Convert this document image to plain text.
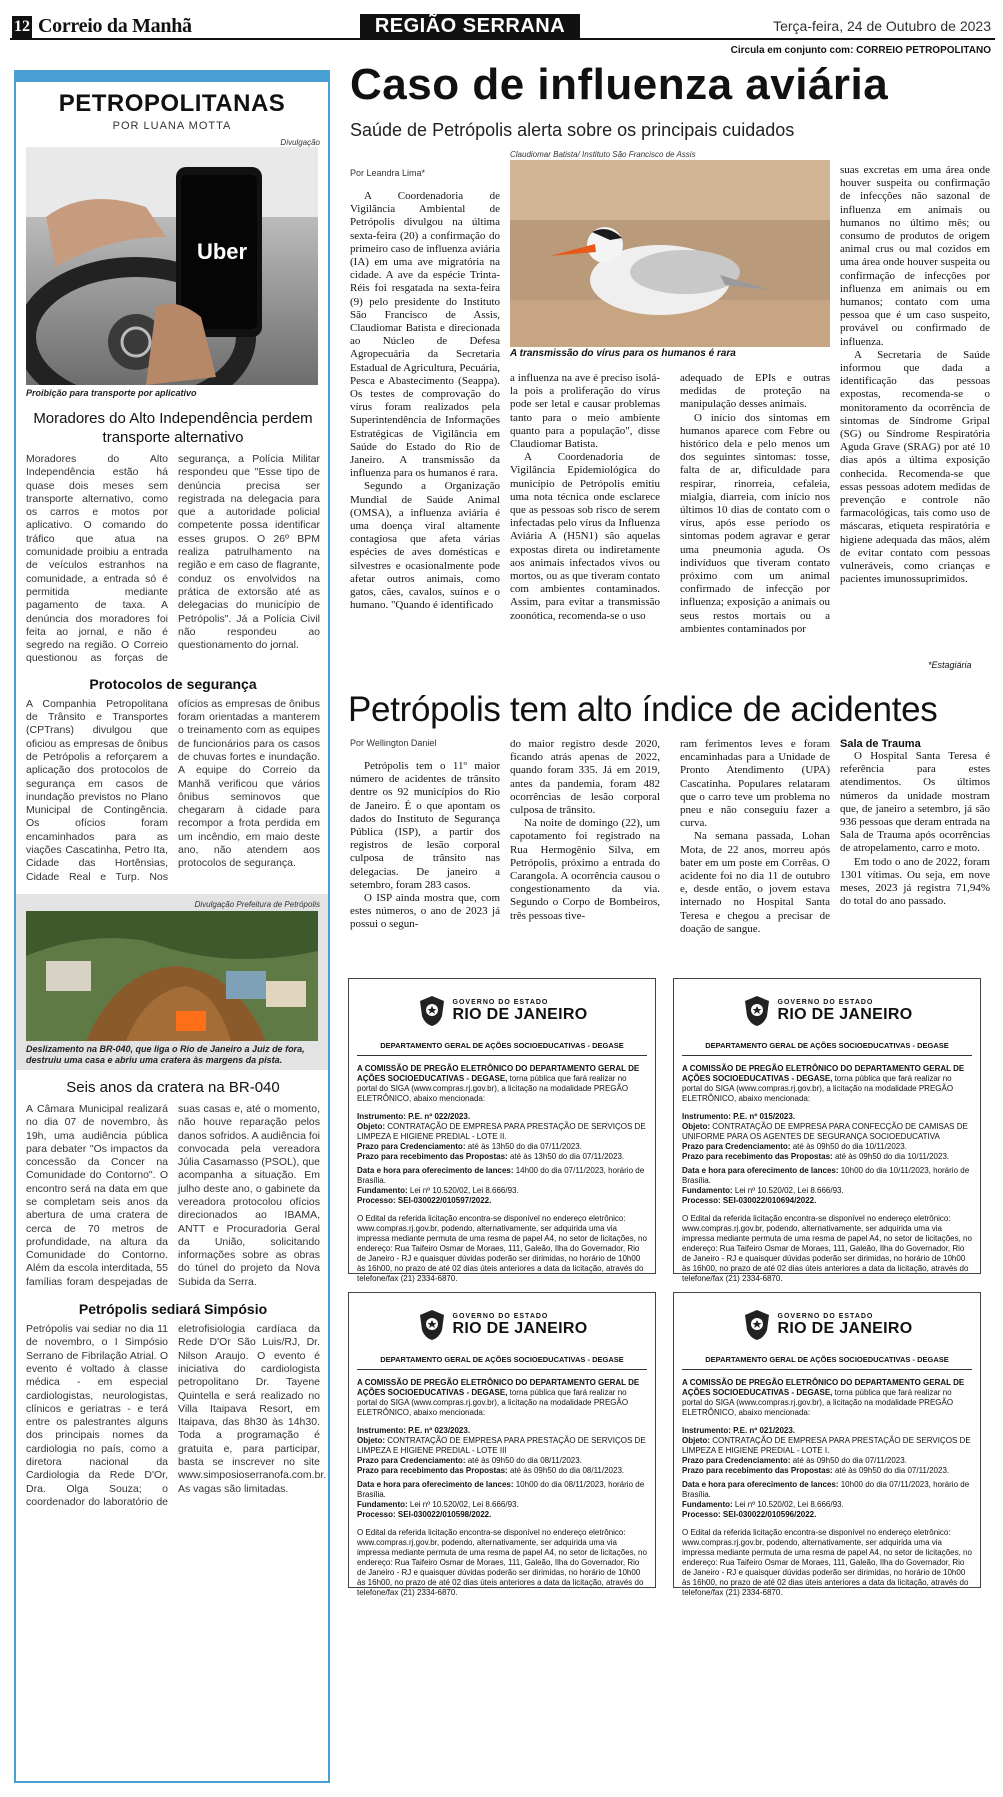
12 Correio da Manhã	REGIÃO SERRANA	Terça-feira, 24 de Outubro de 2023
Circula em conjunto com: CORREIO PETROPOLITANO
PETROPOLITANAS
POR LUANA MOTTA
Divulgação
Uber
Proibição para transporte por aplicativo
Moradores do Alto Independência perdem transporte alternativo

Moradores do Alto Independência estão há quase dois meses sem transporte alternativo, como os carros e motos por aplicativo. O comando do tráfico que atua na comunidade proibiu a entrada de veículos estranhos na comunidade, a entrada só é permitida mediante pagamento de taxa. A denúncia dos moradores foi feita ao jornal, e não é segredo na região. O Correio questionou as forças de segurança, a Polícia Militar respondeu que "Esse tipo de denúncia precisa ser registrada na delegacia para que a autoridade policial competente possa identificar esses grupos. O 26º BPM realiza patrulhamento na região e em caso de flagrante, conduz os envolvidos na prática de extorsão até as delegacias do município de Petrópolis". Já a Polícia Civil não respondeu ao questionamento do jornal.

Protocolos de segurança

A Companhia Petropolitana de Trânsito e Transportes (CPTrans) divulgou que oficiou as empresas de ônibus de Petrópolis a reforçarem a aplicação dos protocolos de segurança em casos de inundação previstos no Plano Municipal de Contingência. Os ofícios foram encaminhados para as viações Cascatinha, Petro Ita, Cidade das Hortênsias, Cidade Real e Turp. Nos ofícios as empresas de ônibus foram orientadas a manterem o treinamento com as equipes de funcionários para os casos de chuvas fortes e inundação. A equipe do Correio da Manhã verificou que vários ônibus seminovos que chegaram à cidade para recompor a frota perdida em um incêndio, em maio deste ano, não atendem aos protocolos de segurança.

Divulgação Prefeitura de Petrópolis
Deslizamento na BR-040, que liga o Rio de Janeiro a Juiz de fora, destruiu uma casa e abriu uma cratera às margens da pista.
Seis anos da cratera na BR-040

A Câmara Municipal realizará no dia 07 de novembro, às 19h, uma audiência pública para debater "Os impactos da concessão da Concer na Comunidade do Contorno". O encontro será na data em que se completam seis anos da abertura de uma cratera de cerca de 70 metros de profundidade, na altura da Comunidade do Contorno. Além da escola interditada, 55 famílias foram despejadas de suas casas e, até o momento, não houve reparação pelos danos sofridos. A audiência foi convocada pela vereadora Júlia Casamasso (PSOL), que acompanha a situação. Em julho deste ano, o gabinete da vereadora protocolou ofícios direcionados ao IBAMA, ANTT e Procuradoria Geral da União, solicitando informações sobre as obras do túnel do projeto da Nova Subida da Serra.

Petrópolis sediará Simpósio

Petrópolis vai sediar no dia 11 de novembro, o I Simpósio Serrano de Fibrilação Atrial. O evento é voltado à classe médica - em especial cardiologistas, neurologistas, clínicos e geriatras - e terá entre os palestrantes alguns dos principais nomes da cardiologia no país, como a diretora nacional da Cardiologia da Rede D'Or, Dra. Olga Souza; o coordenador do laboratório de eletrofisiologia cardíaca da Rede D'Or São Luis/RJ, Dr. Nilson Araujo. O evento é iniciativa do cardiologista petropolitano Dr. Tayene Quintella e será realizado no Villa Itaipava Resort, em Itaipava, das 8h30 às 14h30. Toda a programação é gratuita e, para participar, basta se inscrever no site www.simposioserranofa.com.br. As vagas são limitadas.

Caso de influenza aviária
Saúde de Petrópolis alerta sobre os principais cuidados
Claudiomar Batista/ Instituto São Francisco de Assis
Por Leandra Lima*

A Coordenadoria de Vigilância Ambiental de Petrópolis divulgou na última sexta-feira (20) a confirmação do primeiro caso de influenza aviária (IA) em uma ave migratória na cidade. A ave da espécie Trinta-Réis foi resgatada na sexta-feira (9) pelo presidente do Instituto São Francisco de Assis, Claudiomar Batista e direcionada ao Núcleo de Defesa Agropecuária da Secretaria Estadual de Agricultura, Pecuária, Pesca e Abastecimento (Seappa). Os testes de comprovação do vírus foram realizados pela Superintendência de Informações Estratégicas de Vigilância em Saúde do Estado do Rio de Janeiro. A transmissão da influenza para os humanos é rara.

Segundo a Organização Mundial de Saúde Animal (OMSA), a influenza aviária é uma doença viral altamente contagiosa que afeta várias espécies de aves domésticas e silvestres e ocasionalmente pode afetar outros animais, como gatos, cães, cavalos, suínos e o humano. "Quando é identificado

A transmissão do vírus para os humanos é rara

a influenza na ave é preciso isolá-la pois a proliferação do vírus pode ser letal e causar problemas tanto para o meio ambiente quanto para a população", disse Claudiomar Batista.

A Coordenadoria de Vigilância Epidemiológica do município de Petrópolis emitiu uma nota técnica onde esclarece que as pessoas sob risco de serem infectadas pelo vírus da Influenza Aviária A (H5N1) são aquelas expostas direta ou indiretamente aos animais infectados vivos ou mortos, ou as que tiveram contato com ambientes contaminados. Assim, para evitar a transmissão zoonótica, recomenda-se o uso

adequado de EPIs e outras medidas de proteção na manipulação desses animais.

O início dos sintomas em humanos aparece com Febre ou histórico dela e pelo menos um dos seguintes sintomas: tosse, falta de ar, dificuldade para respirar, rinorreia, cefaleia, mialgia, diarreia, com início nos últimos 10 dias de contato com o vírus, após esse período os sintomas podem agravar e gerar uma pneumonia aguda. Os indivíduos que tiveram contato próximo com um animal confirmado de infecção por influenza; exposição a animais ou seus restos mortais ou a ambientes contaminados por

suas excretas em uma área onde houver suspeita ou confirmação de infecções não sazonal de influenza em animais ou humanos no último mês; ou consumo de produtos de origem animal crus ou mal cozidos em uma área onde houver suspeita ou confirmação de infecções por influenza em animais ou em humanos; contato com uma pessoa que é um caso suspeito, provável ou confirmado de influenza.

A Secretaria de Saúde informou que dada a identificação das pessoas expostas, recomenda-se o monitoramento da ocorrência de sintomas de Síndrome Gripal (SG) ou Síndrome Respiratória Aguda Grave (SRAG) por até 10 dias após a última exposição conhecida. Recomenda-se que essas pessoas adotem medidas de prevenção e controle não farmacológicas, tais como uso de máscaras, etiqueta respiratória e higiene adequada das mãos, além de evitar contato com pessoas vulneráveis, como crianças e pacientes imunossuprimidos.

*Estagiária
Petrópolis tem alto índice de acidentes
Por Wellington Daniel

Petrópolis tem o 11º maior número de acidentes de trânsito dentre os 92 municípios do Rio de Janeiro. É o que apontam os dados do Instituto de Segurança Pública (ISP), a partir dos registros de lesão corporal culposa de trânsito nas delegacias. De janeiro a setembro, foram 283 casos.

O ISP ainda mostra que, com estes números, o ano de 2023 já possui o segun-

do maior registro desde 2020, ficando atrás apenas de 2022, quando foram 335. Já em 2019, antes da pandemia, foram 482 ocorrências de lesão corporal culposa de trânsito.

Na noite de domingo (22), um capotamento foi registrado na Rua Hermogênio Silva, em Petrópolis, próximo a entrada do Carangola. A ocorrência causou o congestionamento da via. Segundo o Corpo de Bombeiros, três pessoas tive-

ram ferimentos leves e foram encaminhadas para a Unidade de Pronto Atendimento (UPA) Cascatinha. Populares relataram que o carro teve um problema no pneu e não conseguiu fazer a curva.

Na semana passada, Lohan Mota, de 22 anos, morreu após bater em um poste em Corrêas. O acidente foi no dia 11 de outubro e, desde então, o jovem estava internado no Hospital Santa Teresa e chegou a precisar de doação de sangue.

Sala de Trauma

O Hospital Santa Teresa é referência para estes atendimentos. Os últimos números da unidade mostram que, de janeiro a setembro, já são 936 pessoas que deram entrada na Sala de Trauma após ocorrências de atropelamento, carro e moto.

Em todo o ano de 2022, foram 1301 vítimas. Ou seja, em nove meses, 2023 já registra 71,94% do total do ano passado.

GOVERNO DO ESTADO
RIO DE JANEIRO
DEPARTAMENTO GERAL DE AÇÕES SOCIOEDUCATIVAS - DEGASE
A COMISSÃO DE PREGÃO ELETRÔNICO DO DEPARTAMENTO GERAL DE AÇÕES SOCIOEDUCATIVAS - DEGASE, torna pública que fará realizar no portal do SIGA (www.compras.rj.gov.br), a licitação na modalidade PREGÃO ELETRÔNICO, abaixo mencionada:
Instrumento: P.E. nº 022/2023.
Objeto: CONTRATAÇÃO DE EMPRESA PARA PRESTAÇÃO DE SERVIÇOS DE LIMPEZA E HIGIENE PREDIAL - LOTE II.
Prazo para Credenciamento: até às 13h50 do dia 07/11/2023.
Prazo para recebimento das Propostas: até às 13h50 do dia 07/11/2023.
Data e hora para oferecimento de lances: 14h00 do dia 07/11/2023, horário de Brasília.
Fundamento: Lei nº 10.520/02, Lei 8.666/93.
Processo: SEI-030022/010597/2022.
O Edital da referida licitação encontra-se disponível no endereço eletrônico: www.compras.rj.gov.br, podendo, alternativamente, ser adquirida uma via impressa mediante permuta de uma resma de papel A4, no setor de licitações, no endereço: Rua Taifeiro Osmar de Moraes, 111, Galeão, Ilha do Governador, Rio de Janeiro - RJ e quaisquer dúvidas poderão ser dirimidas, no horário de 10h00 às 16h00, no prazo de até 02 dias úteis anteriores a data da licitação, através do telefone/fax (21) 2334-6870.
GOVERNO DO ESTADO
RIO DE JANEIRO
DEPARTAMENTO GERAL DE AÇÕES SOCIOEDUCATIVAS - DEGASE
A COMISSÃO DE PREGÃO ELETRÔNICO DO DEPARTAMENTO GERAL DE AÇÕES SOCIOEDUCATIVAS - DEGASE, torna pública que fará realizar no portal do SIGA (www.compras.rj.gov.br), a licitação na modalidade PREGÃO ELETRÔNICO, abaixo mencionada:
Instrumento: P.E. nº 015/2023.
Objeto: CONTRATAÇÃO DE EMPRESA PARA CONFECÇÃO DE CAMISAS DE UNIFORME PARA OS AGENTES DE SEGURANÇA SOCIOEDUCATIVA
Prazo para Credenciamento: até às 09h50 do dia 10/11/2023.
Prazo para recebimento das Propostas: até às 09h50 do dia 10/11/2023.
Data e hora para oferecimento de lances: 10h00 do dia 10/11/2023, horário de Brasília.
Fundamento: Lei nº 10.520/02, Lei 8.666/93.
Processo: SEI-030022/010694/2022.
O Edital da referida licitação encontra-se disponível no endereço eletrônico: www.compras.rj.gov.br, podendo, alternativamente, ser adquirida uma via impressa mediante permuta de uma resma de papel A4, no setor de licitações, no endereço: Rua Taifeiro Osmar de Moraes, 111, Galeão, Ilha do Governador, Rio de Janeiro - RJ e quaisquer dúvidas poderão ser dirimidas, no horário de 10h00 às 16h00, no prazo de até 02 dias úteis anteriores a data da licitação, através do telefone/fax (21) 2334-6870.
GOVERNO DO ESTADO
RIO DE JANEIRO
DEPARTAMENTO GERAL DE AÇÕES SOCIOEDUCATIVAS - DEGASE
A COMISSÃO DE PREGÃO ELETRÔNICO DO DEPARTAMENTO GERAL DE AÇÕES SOCIOEDUCATIVAS - DEGASE, torna pública que fará realizar no portal do SIGA (www.compras.rj.gov.br), a licitação na modalidade PREGÃO ELETRÔNICO, abaixo mencionada:
Instrumento: P.E. nº 023/2023.
Objeto: CONTRATAÇÃO DE EMPRESA PARA PRESTAÇÃO DE SERVIÇOS DE LIMPEZA E HIGIENE PREDIAL - LOTE III
Prazo para Credenciamento: até às 09h50 do dia 08/11/2023.
Prazo para recebimento das Propostas: até às 09h50 do dia 08/11/2023.
Data e hora para oferecimento de lances: 10h00 do dia 08/11/2023, horário de Brasília.
Fundamento: Lei nº 10.520/02, Lei 8.666/93.
Processo: SEI-030022/010598/2022.
O Edital da referida licitação encontra-se disponível no endereço eletrônico: www.compras.rj.gov.br, podendo, alternativamente, ser adquirida uma via impressa mediante permuta de uma resma de papel A4, no setor de licitações, no endereço: Rua Taifeiro Osmar de Moraes, 111, Galeão, Ilha do Governador, Rio de Janeiro - RJ e quaisquer dúvidas poderão ser dirimidas, no horário de 10h00 às 16h00, no prazo de até 02 dias úteis anteriores a data da licitação, através do telefone/fax (21) 2334-6870.
GOVERNO DO ESTADO
RIO DE JANEIRO
DEPARTAMENTO GERAL DE AÇÕES SOCIOEDUCATIVAS - DEGASE
A COMISSÃO DE PREGÃO ELETRÔNICO DO DEPARTAMENTO GERAL DE AÇÕES SOCIOEDUCATIVAS - DEGASE, torna pública que fará realizar no portal do SIGA (www.compras.rj.gov.br), a licitação na modalidade PREGÃO ELETRÔNICO, abaixo mencionada:
Instrumento: P.E. nº 021/2023.
Objeto: CONTRATAÇÃO DE EMPRESA PARA PRESTAÇÃO DE SERVIÇOS DE LIMPEZA E HIGIENE PREDIAL - LOTE I.
Prazo para Credenciamento: até às 09h50 do dia 07/11/2023.
Prazo para recebimento das Propostas: até às 09h50 do dia 07/11/2023.
Data e hora para oferecimento de lances: 10h00 do dia 07/11/2023, horário de Brasília.
Fundamento: Lei nº 10.520/02, Lei 8.666/93.
Processo: SEI-030022/010596/2022.
O Edital da referida licitação encontra-se disponível no endereço eletrônico: www.compras.rj.gov.br, podendo, alternativamente, ser adquirida uma via impressa mediante permuta de uma resma de papel A4, no setor de licitações, no endereço: Rua Taifeiro Osmar de Moraes, 111, Galeão, Ilha do Governador, Rio de Janeiro - RJ e quaisquer dúvidas poderão ser dirimidas, no horário de 10h00 às 16h00, no prazo de até 02 dias úteis anteriores a data da licitação, através do telefone/fax (21) 2334-6870.
